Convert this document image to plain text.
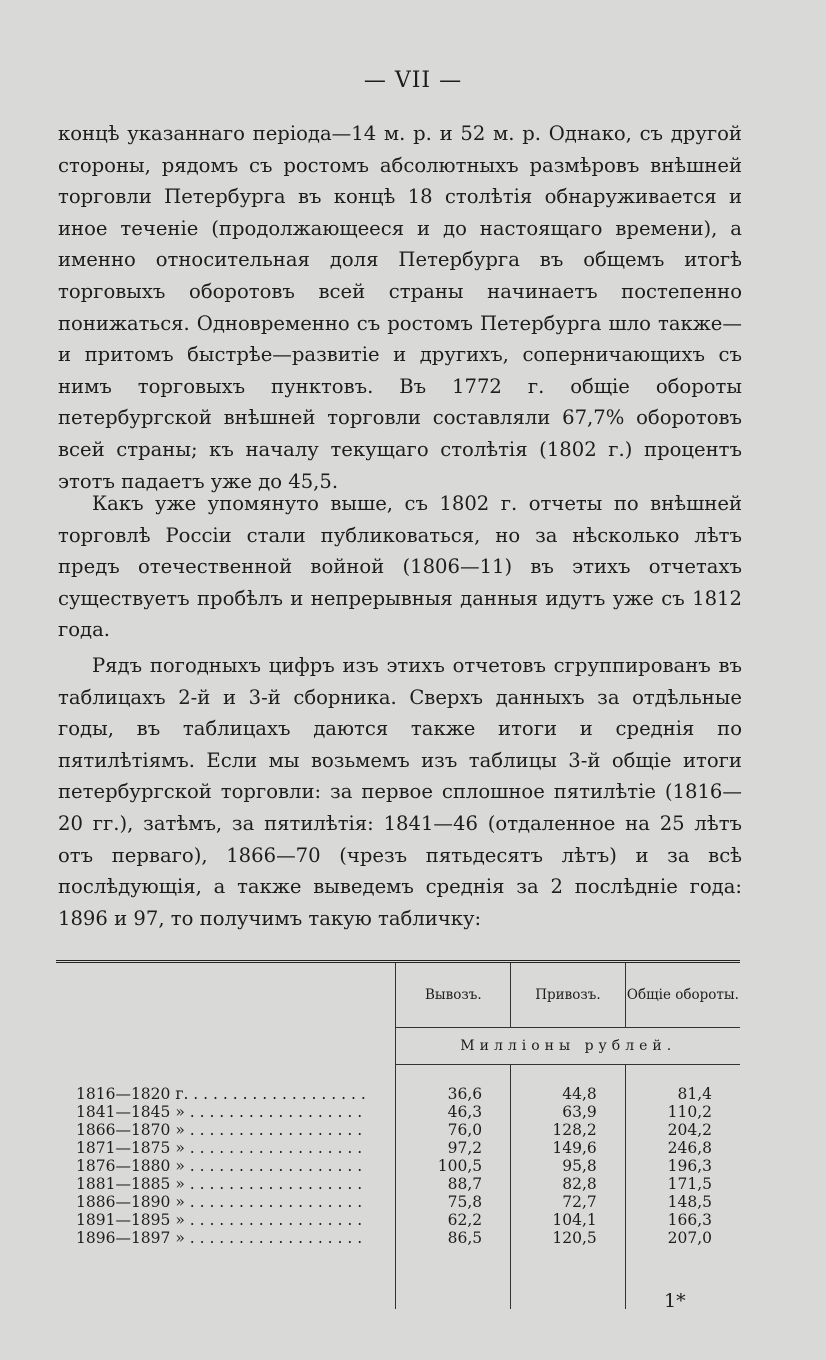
— VII —

концѣ указаннаго періода—14 м. р. и 52 м. р. Однако, съ другой стороны, рядомъ съ ростомъ абсолютныхъ размѣровъ внѣшней торговли Петербурга въ концѣ 18 столѣтія обнаруживается и иное теченіе (продолжающееся и до настоящаго времени), а именно относительная доля Петербурга въ общемъ итогѣ торговыхъ оборотовъ всей страны начинаетъ постепенно понижаться. Одновременно съ ростомъ Петербурга шло также—и притомъ быстрѣе—развитіе и другихъ, соперничающихъ съ нимъ торговыхъ пунктовъ. Въ 1772 г. общіе обороты петербургской внѣшней торговли составляли 67,7% оборотовъ всей страны; къ началу текущаго столѣтія (1802 г.) процентъ этотъ падаетъ уже до 45,5.

Какъ уже упомянуто выше, съ 1802 г. отчеты по внѣшней торговлѣ Россіи стали публиковаться, но за нѣсколько лѣтъ предъ отечественной войной (1806—11) въ этихъ отчетахъ существуетъ пробѣлъ и непрерывныя данныя идутъ уже съ 1812 года.

Рядъ погодныхъ цифръ изъ этихъ отчетовъ сгруппированъ въ таблицахъ 2-й и 3-й сборника. Сверхъ данныхъ за отдѣльные годы, въ таблицахъ даются также итоги и среднія по пятилѣтіямъ. Если мы возьмемъ изъ таблицы 3-й общіе итоги петербургской торговли: за первое сплошное пятилѣтіе (1816—20 гг.), затѣмъ, за пятилѣтія: 1841—46 (отдаленное на 25 лѣтъ отъ перваго), 1866—70 (чрезъ пятьдесятъ лѣтъ) и за всѣ послѣдующія, а также выведемъ среднія за 2 послѣдніе года: 1896 и 97, то получимъ такую табличку:

	Вывозъ.	Привозъ.	Общіе обороты.
	Милліоны рублей.		

1816—1820 г. . . . . . . . . . . . . . . . . . .	36,6	44,8	81,4
1841—1845 » . . . . . . . . . . . . . . . . . .	46,3	63,9	110,2
1866—1870 » . . . . . . . . . . . . . . . . . .	76,0	128,2	204,2
1871—1875 » . . . . . . . . . . . . . . . . . .	97,2	149,6	246,8
1876—1880 » . . . . . . . . . . . . . . . . . .	100,5	95,8	196,3
1881—1885 » . . . . . . . . . . . . . . . . . .	88,7	82,8	171,5
1886—1890 » . . . . . . . . . . . . . . . . . .	75,8	72,7	148,5
1891—1895 » . . . . . . . . . . . . . . . . . .	62,2	104,1	166,3
1896—1897 » . . . . . . . . . . . . . . . . . .	86,5	120,5	207,0

1*
